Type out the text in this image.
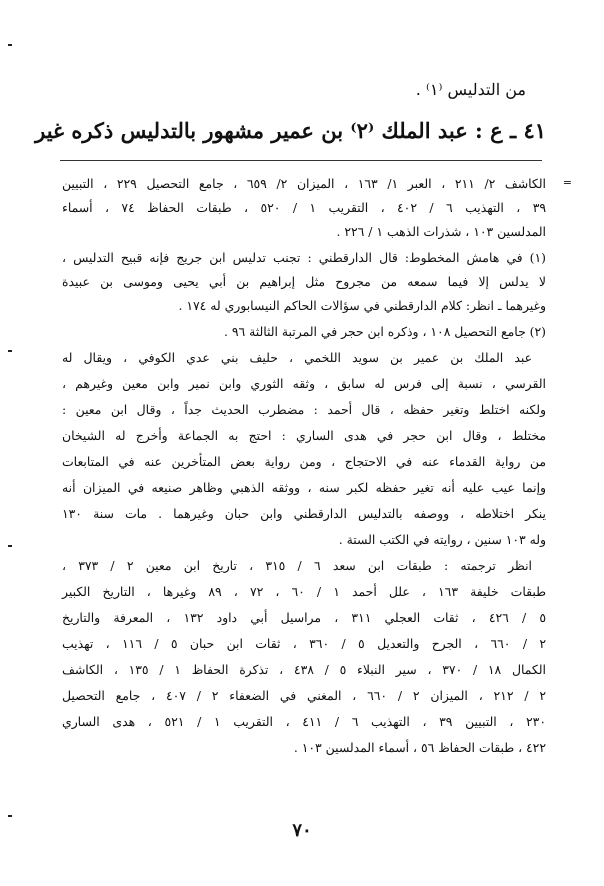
من التدليس ⁽١⁾ .
٤١ ـ ع : عبد الملك ⁽٢⁾ بن عمير مشهور بالتدليس ذكره غير
=
الكاشف ٢/ ٢١١ ، العبر ١/ ١٦٣ ، الميزان ٢/ ٦٥٩ ، جامع التحصيل ٢٢٩ ، التبيين
٣٩ ، التهذيب ٦ / ٤٠٢ ، التقريب ١ / ٥٢٠ ، طبقات الحفاظ ٧٤ ، أسماء
المدلسين ١٠٣ ، شذرات الذهب ١ / ٢٢٦ .
(١) في هامش المخطوط: قال الدارقطني : تجنب تدليس ابن جريج فإنه قبيح التدليس ،
لا يدلس إلا فيما سمعه من مجروح مثل إبراهيم بن أبي يحيى وموسى بن عبيدة
وغيرهما ـ انظر: كلام الدارقطني في سؤالات الحاكم النيسابوري له ١٧٤ .
(٢) جامع التحصيل ١٠٨ ، وذكره ابن حجر في المرتبة الثالثة ٩٦ .
عبد الملك بن عمير بن سويد اللخمي ، حليف بني عدي الكوفي ، ويقال له
القرسي ، نسبة إلى فرس له سابق ، وثقه الثوري وابن نمير وابن معين وغيرهم ،
ولكنه اختلط وتغير حفظه ، قال أحمد : مضطرب الحديث جداً ، وقال ابن معين :
مختلط ، وقال ابن حجر في هدى الساري : احتج به الجماعة وأخرج له الشيخان
من رواية القدماء عنه في الاحتجاج ، ومن رواية بعض المتأخرين عنه في المتابعات
وإنما عيب عليه أنه تغير حفظه لكبر سنه ، ووثقه الذهبي وظاهر صنيعه في الميزان أنه
ينكر اختلاطه ، ووصفه بالتدليس الدارقطني وابن حبان وغيرهما . مات سنة ١٣٠
وله ١٠٣ سنين ، روايته في الكتب الستة .
انظر ترجمته : طبقات ابن سعد ٦ / ٣١٥ ، تاريخ ابن معين ٢ / ٣٧٣ ،
طبقات خليفة ١٦٣ ، علل أحمد ١ / ٦٠ ، ٧٢ ، ٨٩ وغيرها ، التاريخ الكبير
٥ / ٤٢٦ ، ثقات العجلي ٣١١ ، مراسيل أبي داود ١٣٢ ، المعرفة والتاريخ
٢ / ٦٦٠ ، الجرح والتعديل ٥ / ٣٦٠ ، ثقات ابن حبان ٥ / ١١٦ ، تهذيب
الكمال ١٨ / ٣٧٠ ، سير النبلاء ٥ / ٤٣٨ ، تذكرة الحفاظ ١ / ١٣٥ ، الكاشف
٢ / ٢١٢ ، الميزان ٢ / ٦٦٠ ، المغني في الضعفاء ٢ / ٤٠٧ ، جامع التحصيل
٢٣٠ ، التبيين ٣٩ ، التهذيب ٦ / ٤١١ ، التقريب ١ / ٥٢١ ، هدى الساري
٤٢٢ ، طبقات الحفاظ ٥٦ ، أسماء المدلسين ١٠٣ .
٧٠
